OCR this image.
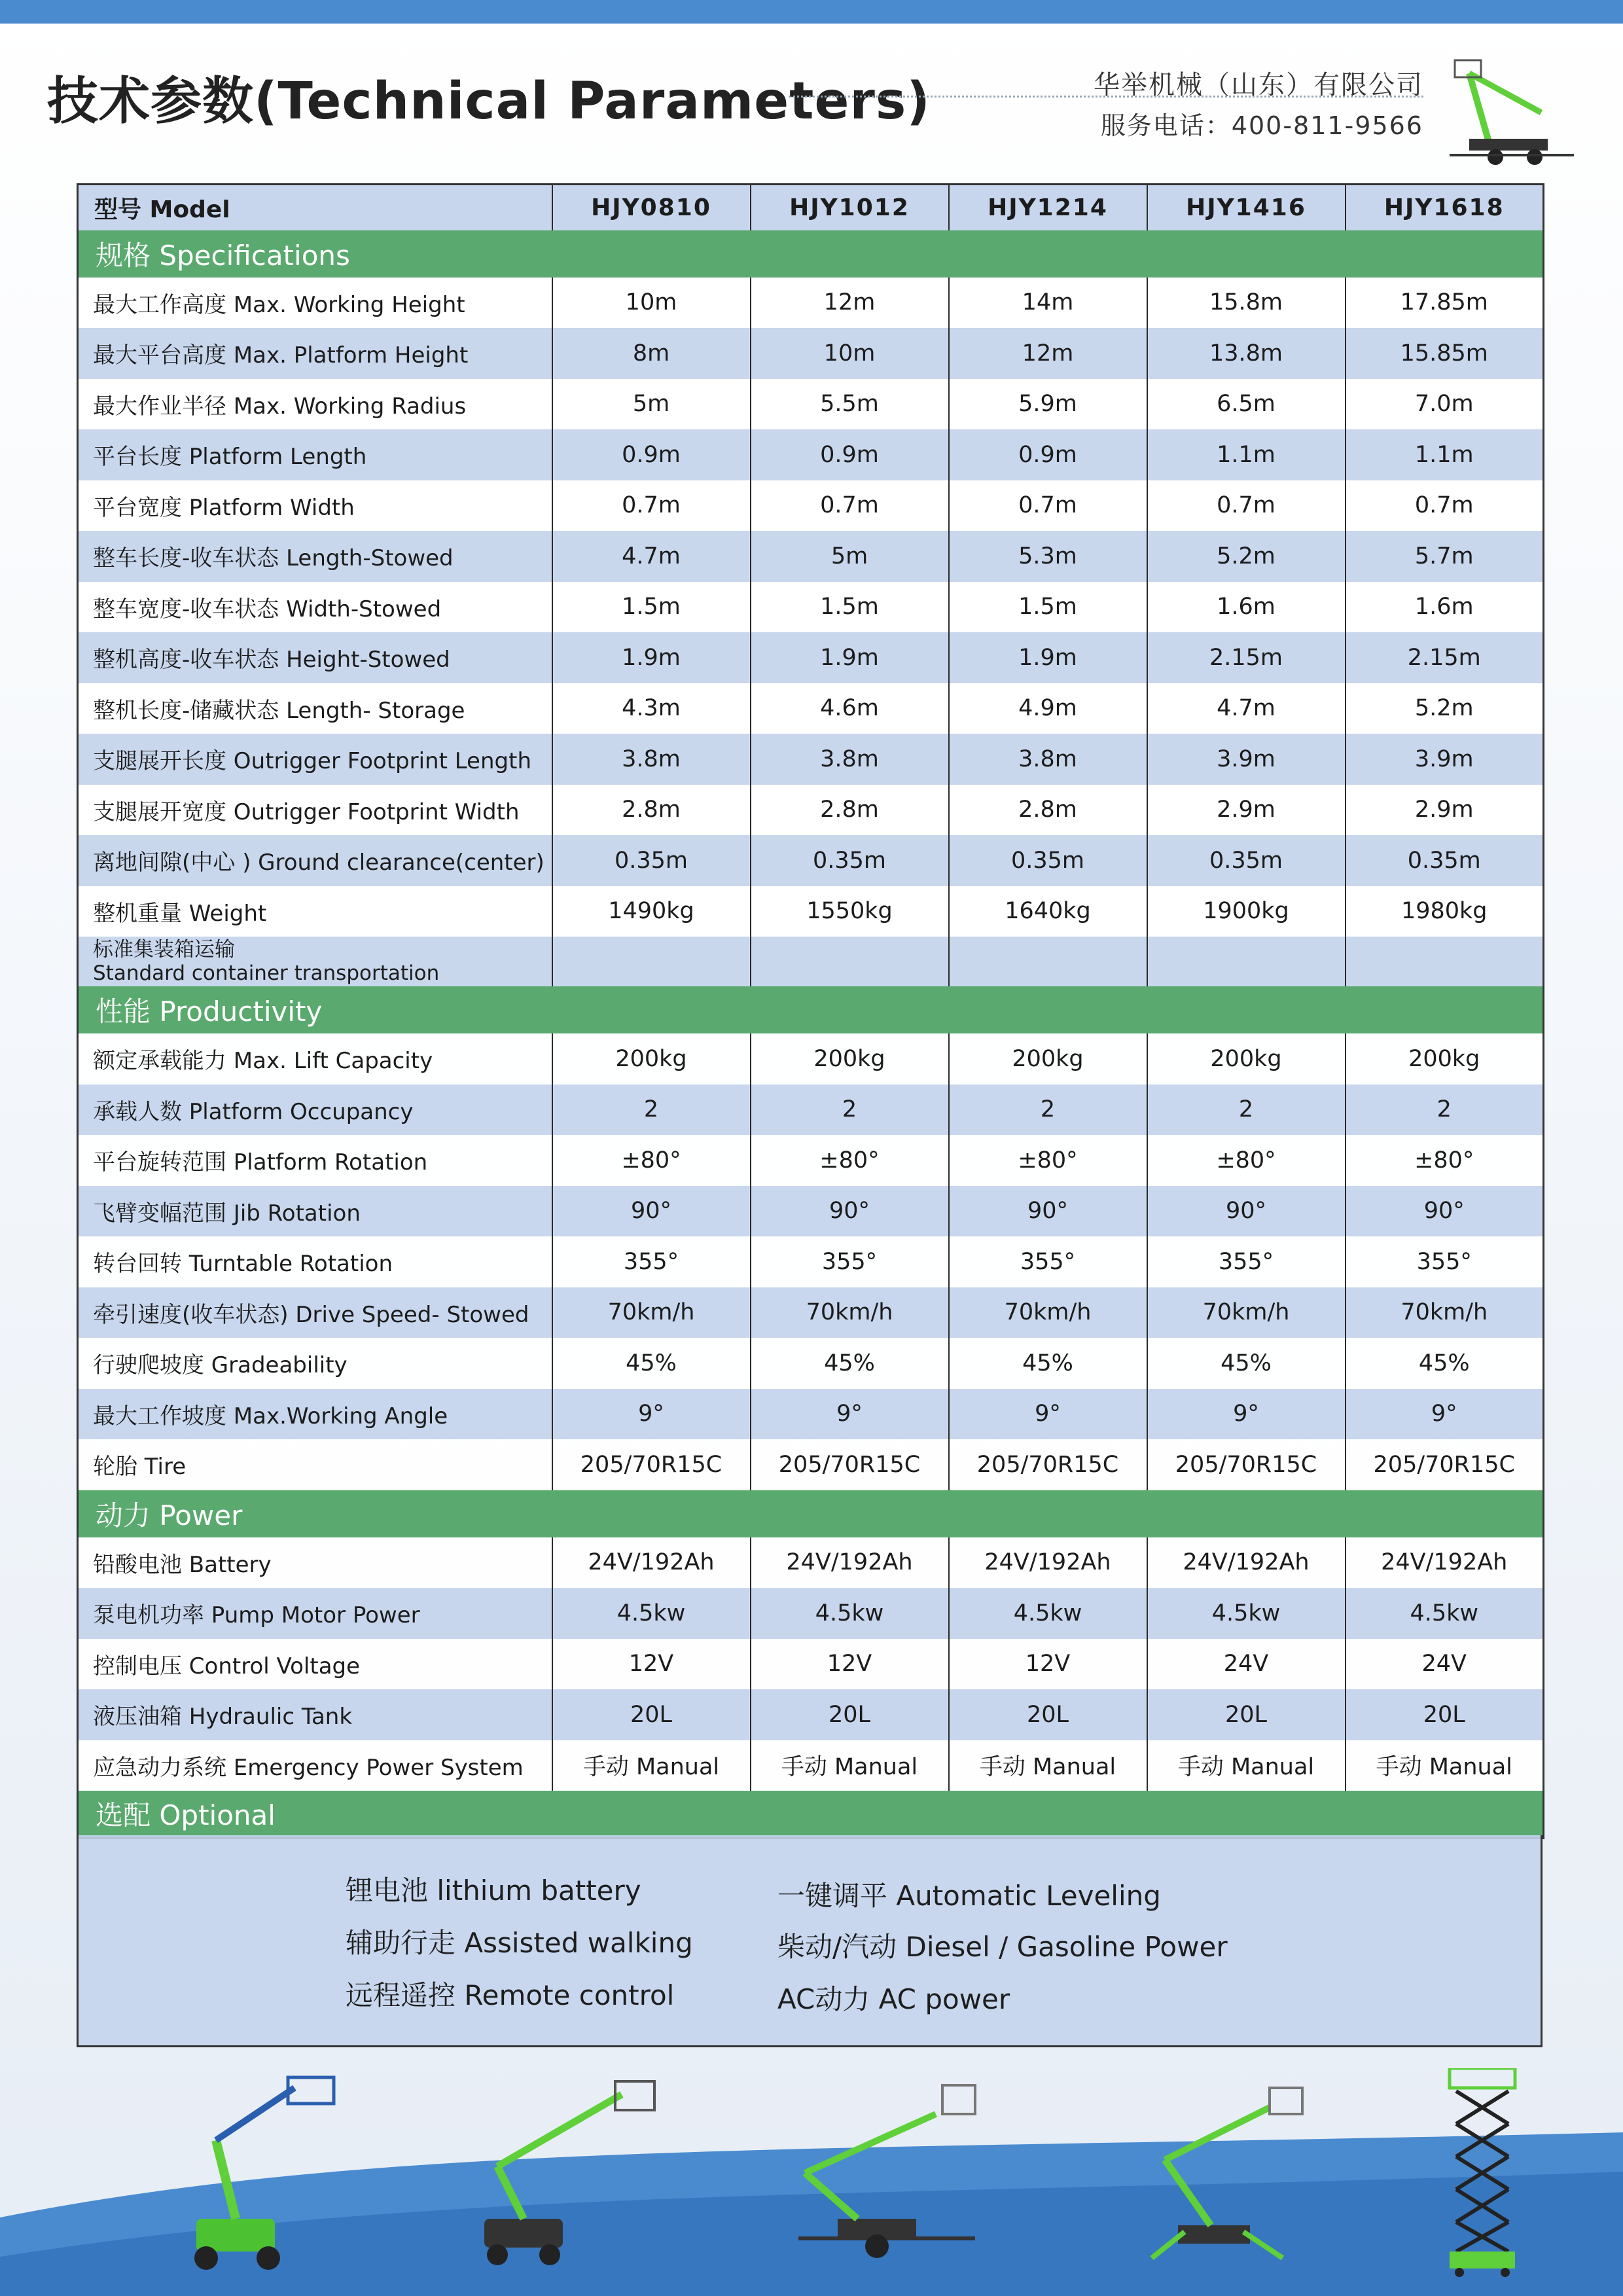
技术参数(Technical Parameters)	华举机械（山东）有限公司
服务电话：400-811-9566
型号 Model	HJY0810	HJY1012	HJY1214	HJY1416	HJY1618
规格 Specifications					
最大工作高度 Max. Working Height	10m	12m	14m	15.8m	17.85m
最大平台高度 Max. Platform Height	8m	10m	12m	13.8m	15.85m
最大作业半径 Max. Working Radius	5m	5.5m	5.9m	6.5m	7.0m
平台长度 Platform Length	0.9m	0.9m	0.9m	1.1m	1.1m
平台宽度 Platform Width	0.7m	0.7m	0.7m	0.7m	0.7m
整车长度-收车状态 Length-Stowed	4.7m	5m	5.3m	5.2m	5.7m
整车宽度-收车状态 Width-Stowed	1.5m	1.5m	1.5m	1.6m	1.6m
整机高度-收车状态 Height-Stowed	1.9m	1.9m	1.9m	2.15m	2.15m
整机长度-储藏状态 Length- Storage	4.3m	4.6m	4.9m	4.7m	5.2m
支腿展开长度 Outrigger Footprint Length	3.8m	3.8m	3.8m	3.9m	3.9m
支腿展开宽度 Outrigger Footprint Width	2.8m	2.8m	2.8m	2.9m	2.9m
离地间隙(中心 ) Ground clearance(center)	0.35m	0.35m	0.35m	0.35m	0.35m
整机重量 Weight	1490kg	1550kg	1640kg	1900kg	1980kg

标准集装箱运输
Standard container transportation					

性能 Productivity					
额定承载能力 Max. Lift Capacity	200kg	200kg	200kg	200kg	200kg
承载人数 Platform Occupancy	2	2	2	2	2
平台旋转范围 Platform Rotation	±80°	±80°	±80°	±80°	±80°
飞臂变幅范围 Jib Rotation	90°	90°	90°	90°	90°
转台回转 Turntable Rotation	355°	355°	355°	355°	355°
牵引速度(收车状态) Drive Speed- Stowed	70km/h	70km/h	70km/h	70km/h	70km/h
行驶爬坡度 Gradeability	45%	45%	45%	45%	45%
最大工作坡度 Max.Working Angle	9°	9°	9°	9°	9°
轮胎 Tire	205/70R15C	205/70R15C	205/70R15C	205/70R15C	205/70R15C
动力 Power					
铅酸电池 Battery	24V/192Ah	24V/192Ah	24V/192Ah	24V/192Ah	24V/192Ah
泵电机功率 Pump Motor Power	4.5kw	4.5kw	4.5kw	4.5kw	4.5kw
控制电压 Control Voltage	12V	12V	12V	24V	24V
液压油箱 Hydraulic Tank	20L	20L	20L	20L	20L
应急动力系统 Emergency Power System	手动 Manual	手动 Manual	手动 Manual	手动 Manual	手动 Manual
选配 Optional					
锂电池 lithium battery
辅助行走 Assisted walking
远程遥控 Remote control
一键调平 Automatic Leveling
柴动/汽动 Diesel / Gasoline Power
AC动力 AC power
